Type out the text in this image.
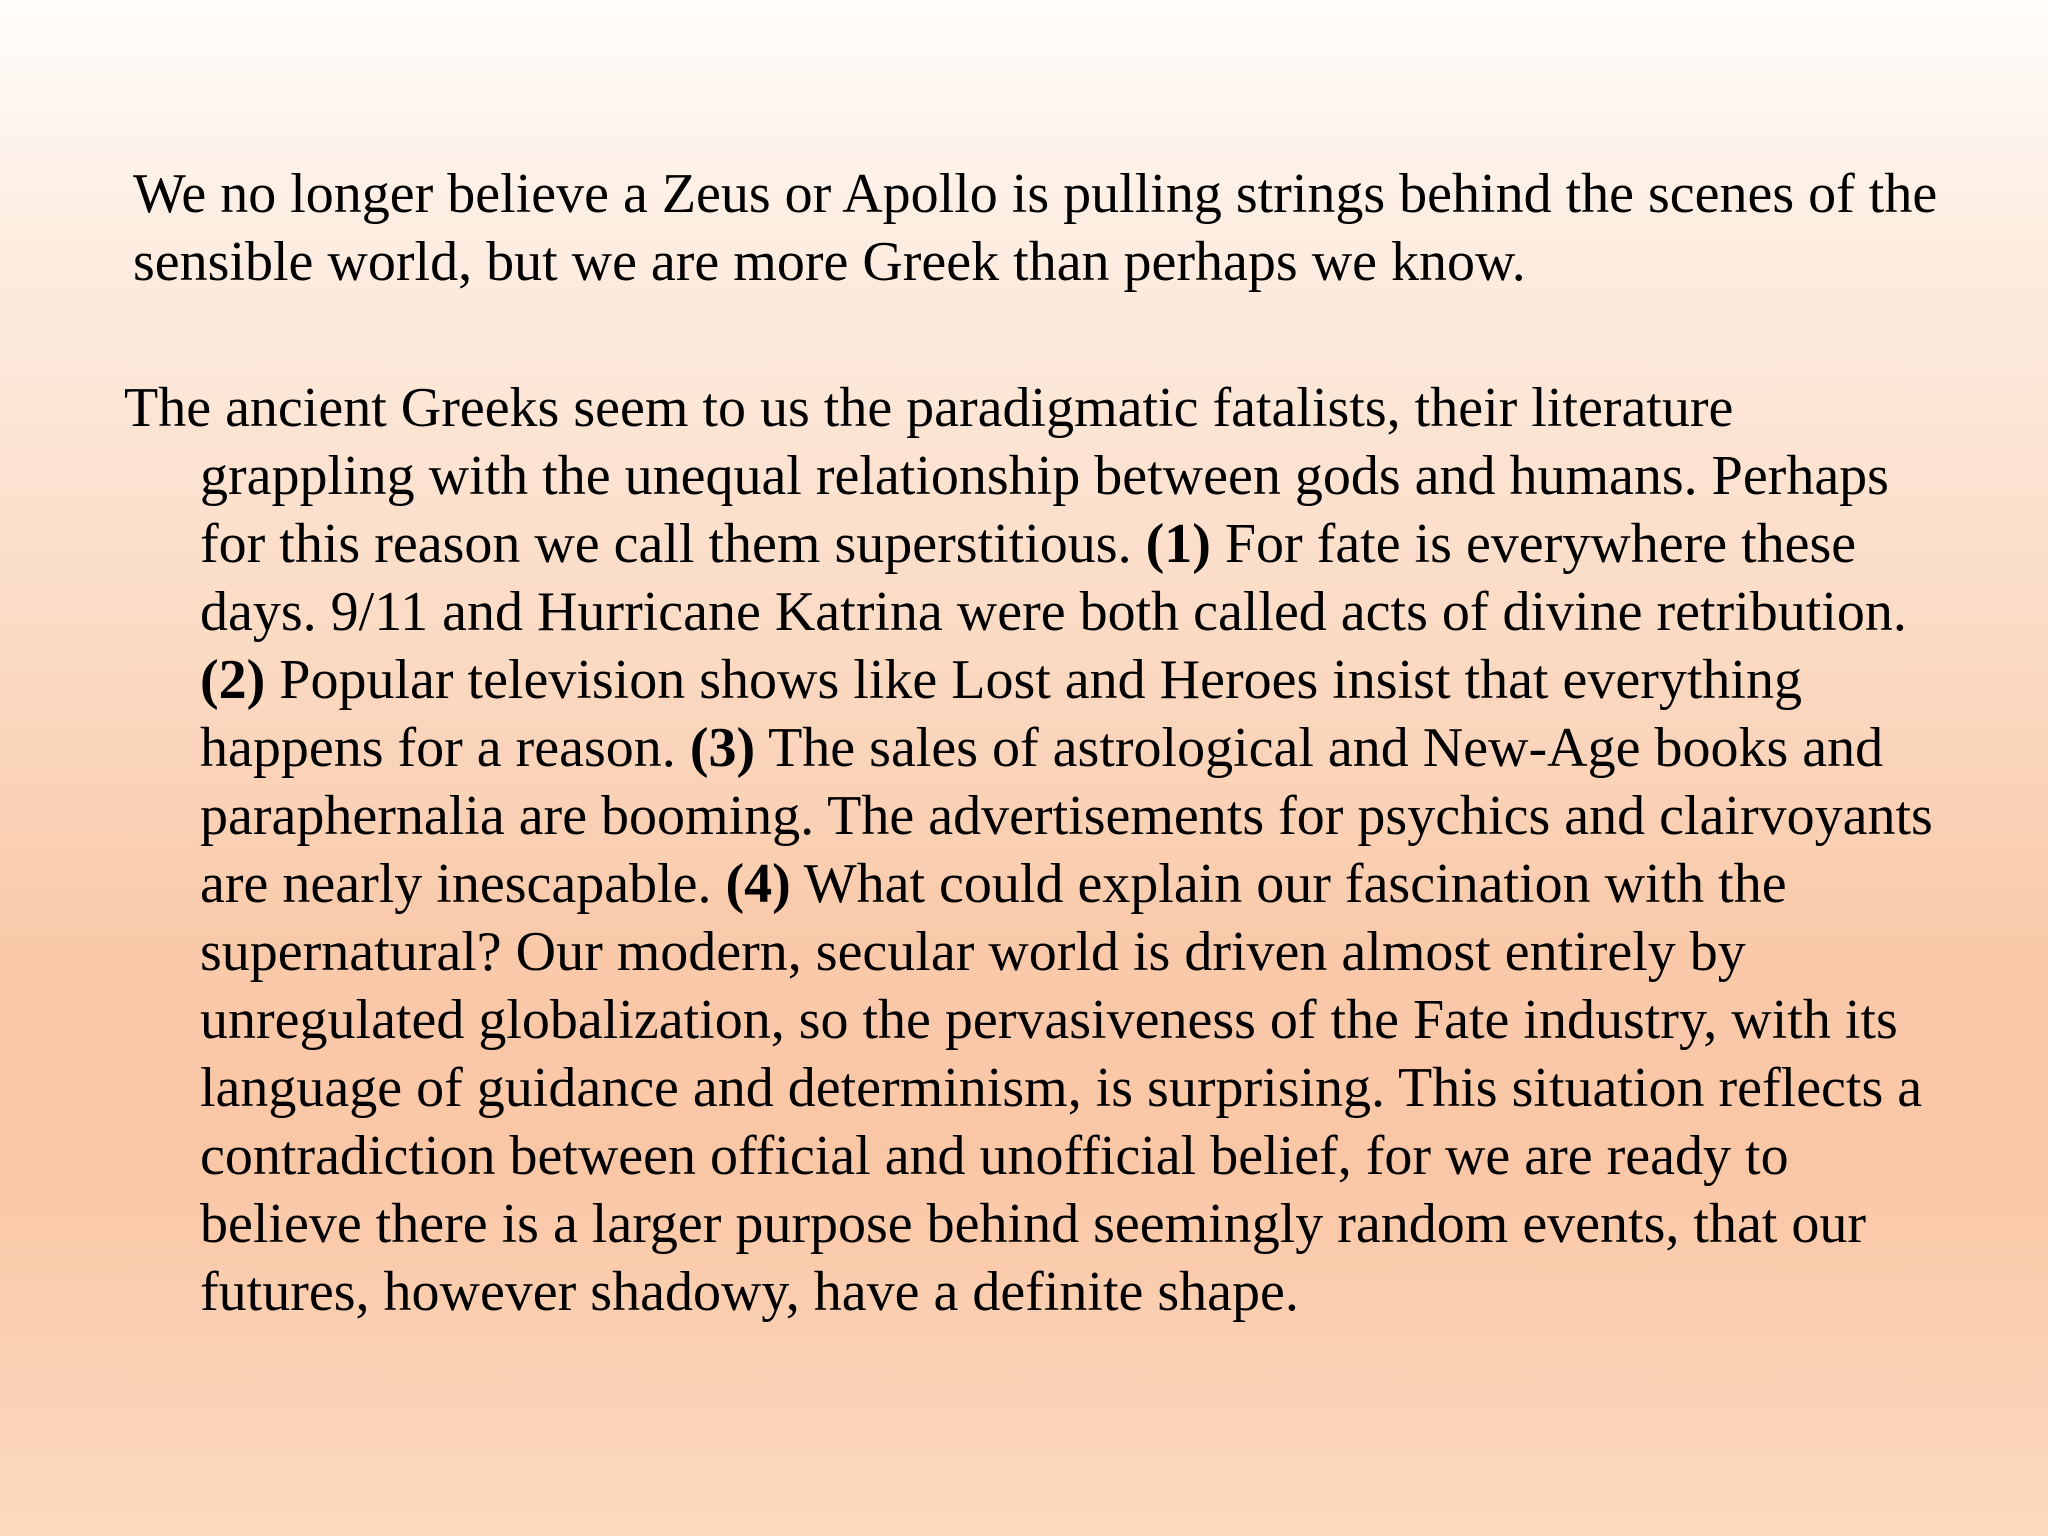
We no longer believe a Zeus or Apollo is pulling strings behind the scenes of the sensible world, but we are more Greek than perhaps we know.

The ancient Greeks seem to us the paradigmatic fatalists, their literature grappling with the unequal relationship between gods and humans. Perhaps for this reason we call them superstitious. (1) For fate is everywhere these days. 9/11 and Hurricane Katrina were both called acts of divine retribution. (2) Popular television shows like Lost and Heroes insist that everything happens for a reason. (3) The sales of astrological and New-Age books and paraphernalia are booming. The advertisements for psychics and clairvoyants are nearly inescapable. (4) What could explain our fascination with the supernatural? Our modern, secular world is driven almost entirely by unregulated globalization, so the pervasiveness of the Fate industry, with its language of guidance and determinism, is surprising. This situation reflects a contradiction between official and unofficial belief, for we are ready to believe there is a larger purpose behind seemingly random events, that our futures, however shadowy, have a definite shape.
